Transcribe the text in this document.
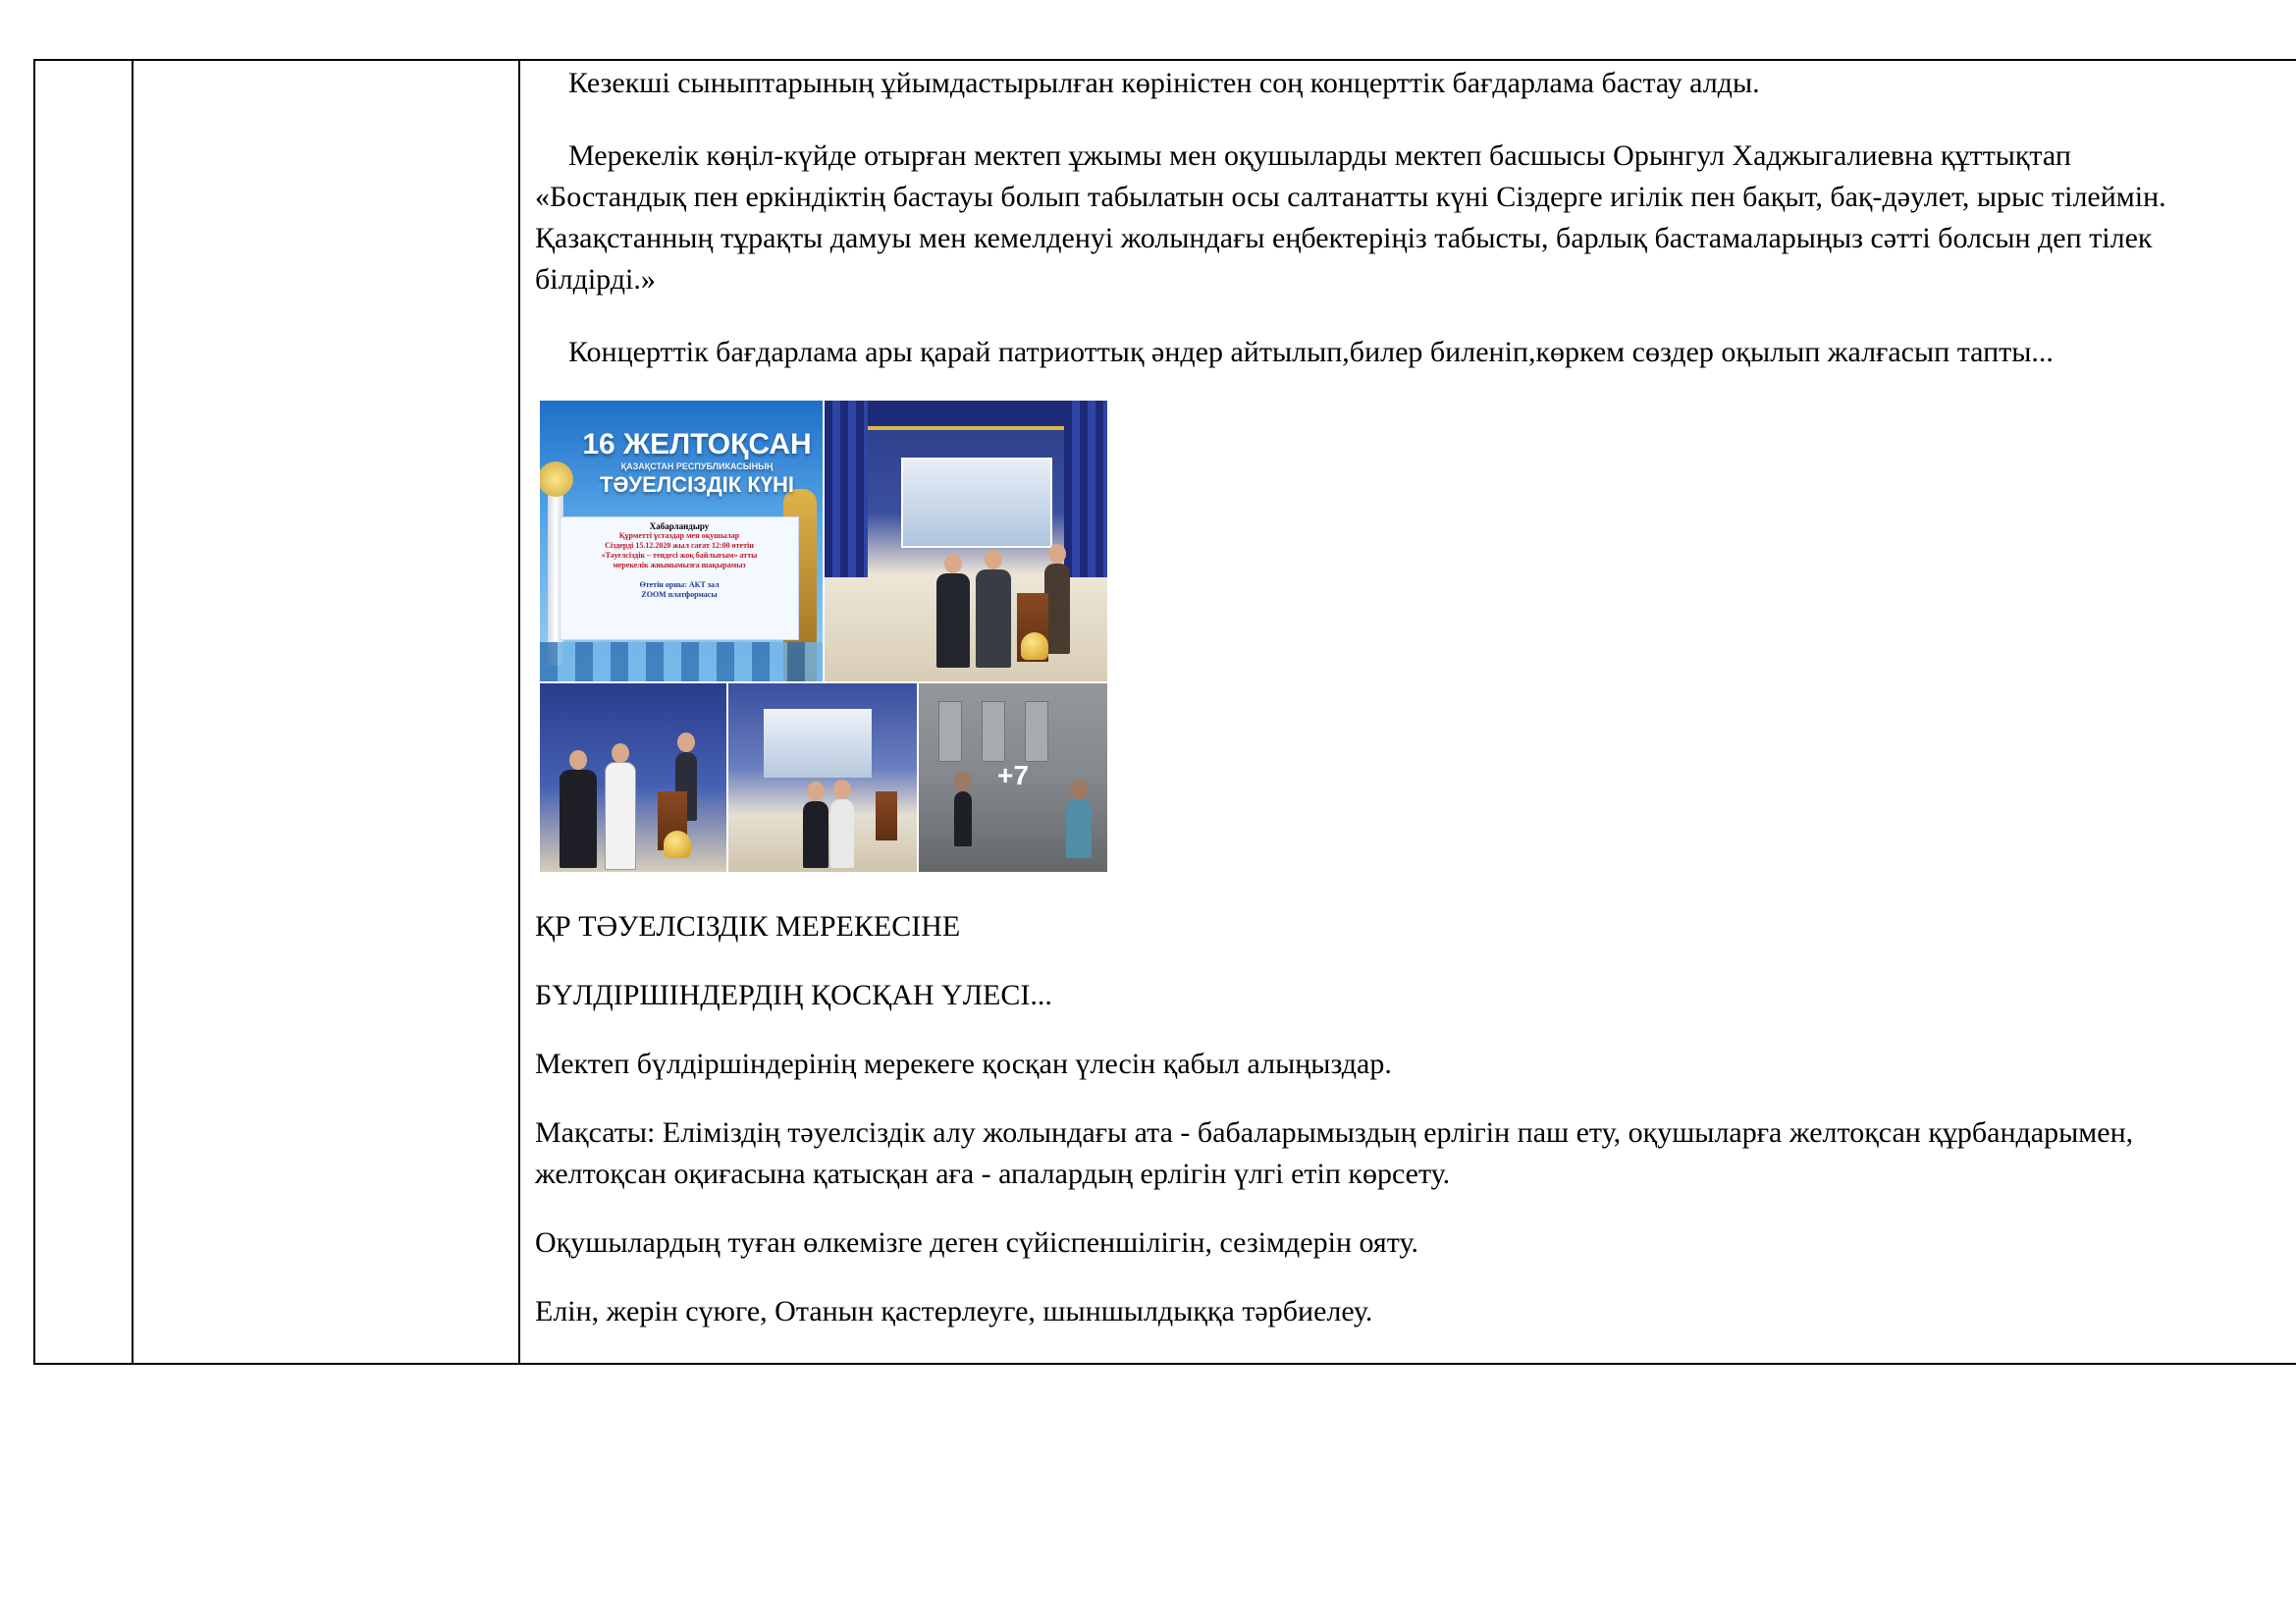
Кезекші сыныптарының ұйымдастырылған көріністен соң концерттік бағдарлама бастау алды.
Мерекелік көңіл-күйде отырған мектеп ұжымы мен оқушыларды мектеп басшысы Орынгул Хаджыгалиевна құттықтап
«Бостандық пен еркіндіктің бастауы болып табылатын осы салтанатты күні Сіздерге игілік пен бақыт, бақ-дәулет, ырыс тілеймін.
Қазақстанның тұрақты дамуы мен кемелденуі жолындағы еңбектеріңіз табысты, барлық бастамаларыңыз сәтті болсын деп тілек
білдірді.»
Концерттік бағдарлама ары қарай патриоттық әндер айтылып,билер биленіп,көркем сөздер оқылып жалғасып тапты...
16 ЖЕЛТОҚСАН
ҚАЗАҚСТАН РЕСПУБЛИКАСЫНЫҢ
ТӘУЕЛСІЗДІК КҮНІ
Хабарландыру
Құрметті ұстаздар мен оқушылар
Сіздерді 15.12.2020 жыл сағат 12:00 өтетін
«Тәуелсіздік – тендесі жоқ байлығым» атты
мерекелік жиынымызға шақырамыз
Өтетін орны: АКТ зал
ZOOM платформасы
+7
ҚР ТӘУЕЛСІЗДІК МЕРЕКЕСІНЕ
БҮЛДІРШІНДЕРДІҢ ҚОСҚАН ҮЛЕСІ...
Мектеп бүлдіршіндерінің мерекеге қосқан үлесін қабыл алыңыздар.
Мақсаты: Еліміздің тәуелсіздік алу жолындағы ата - бабаларымыздың ерлігін паш ету, оқушыларға желтоқсан құрбандарымен,
желтоқсан оқиғасына қатысқан аға - апалардың ерлігін үлгі етіп көрсету.
Оқушылардың туған өлкемізге деген сүйіспеншілігін, сезімдерін ояту.
Елін, жерін сүюге, Отанын қастерлеуге, шыншылдыққа тәрбиелеу.
